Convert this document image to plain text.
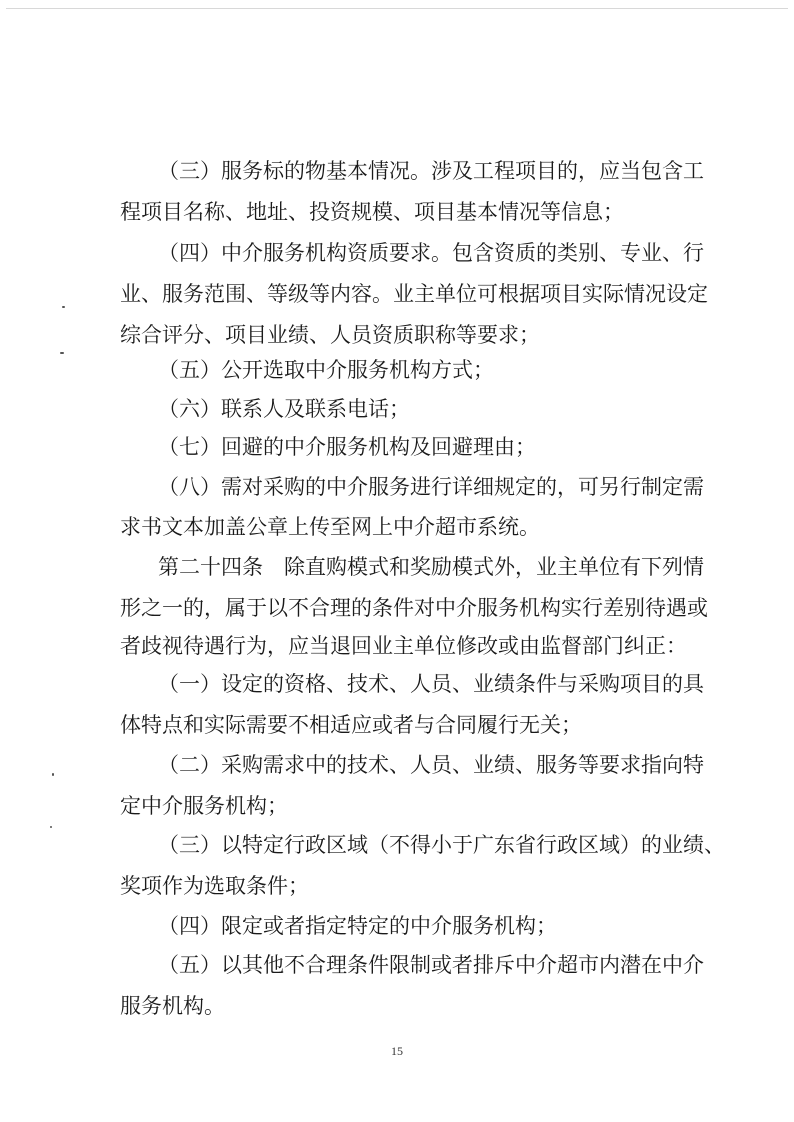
（三）服务标的物基本情况。涉及工程项目的，应当包含工
程项目名称、地址、投资规模、项目基本情况等信息；
（四）中介服务机构资质要求。包含资质的类别、专业、行
业、服务范围、等级等内容。业主单位可根据项目实际情况设定
综合评分、项目业绩、人员资质职称等要求；
（五）公开选取中介服务机构方式；
（六）联系人及联系电话；
（七）回避的中介服务机构及回避理由；
（八）需对采购的中介服务进行详细规定的，可另行制定需
求书文本加盖公章上传至网上中介超市系统。
第二十四条　除直购模式和奖励模式外，业主单位有下列情
形之一的，属于以不合理的条件对中介服务机构实行差别待遇或
者歧视待遇行为，应当退回业主单位修改或由监督部门纠正：
（一）设定的资格、技术、人员、业绩条件与采购项目的具
体特点和实际需要不相适应或者与合同履行无关；
（二）采购需求中的技术、人员、业绩、服务等要求指向特
定中介服务机构；
（三）以特定行政区域（不得小于广东省行政区域）的业绩、
奖项作为选取条件；
（四）限定或者指定特定的中介服务机构；
（五）以其他不合理条件限制或者排斥中介超市内潜在中介
服务机构。
15
